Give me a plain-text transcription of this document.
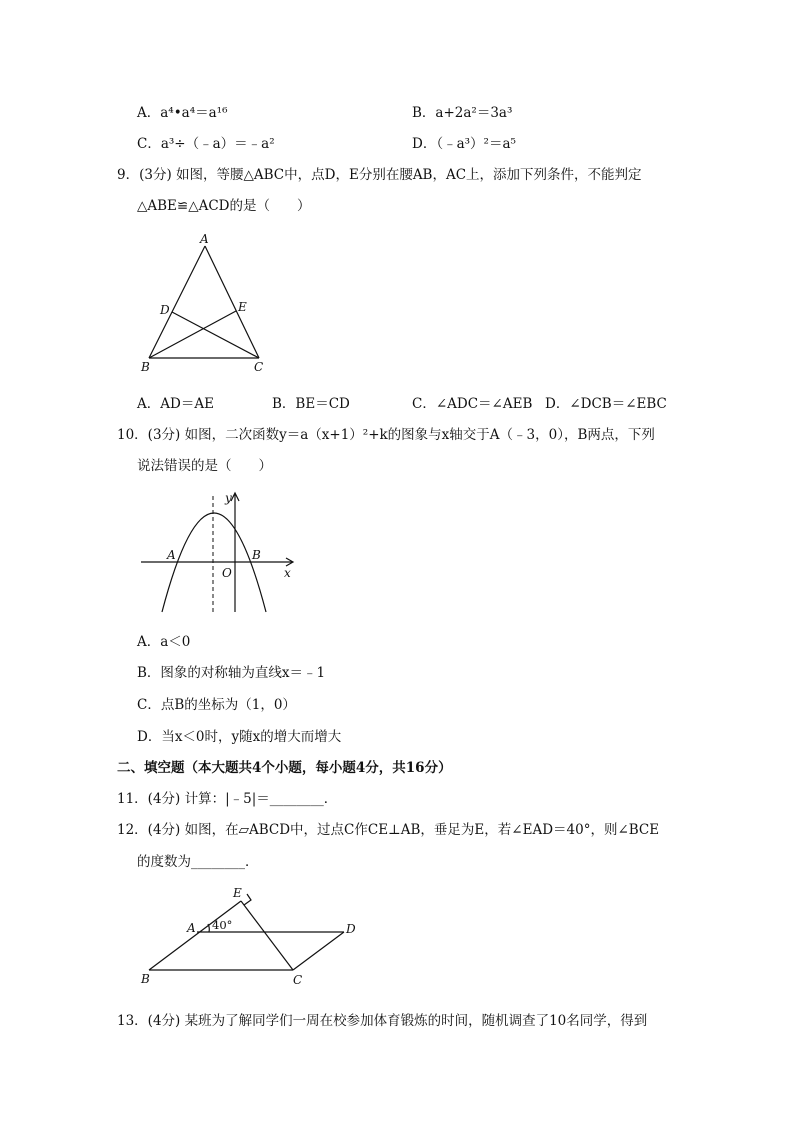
A．a⁴•a⁴＝a¹⁶	B．a+2a²＝3a³
C．a³÷（﹣a）＝﹣a²	D．（﹣a³）²＝a⁵
9．(3分) 如图，等腰△ABC中，点D，E分别在腰AB，AC上，添加下列条件，不能判定
△ABE≌△ACD的是（　　）
A
D	E
B	C
A．AD＝AE	B．BE＝CD	C．∠ADC＝∠AEB D．∠DCB＝∠EBC
10．(3分) 如图，二次函数y＝a（x+1）²+k的图象与x轴交于A（﹣3，0），B两点，下列
说法错误的是（　　）
A	B
O	x
y
A．a＜0
B．图象的对称轴为直线x＝﹣1
C．点B的坐标为（1，0）
D．当x＜0时，y随x的增大而增大
二、填空题（本大题共4个小题，每小题4分，共16分）
11．(4分) 计算：|﹣5|＝________．
12．(4分) 如图，在▱ABCD中，过点C作CE⊥AB，垂足为E，若∠EAD＝40°，则∠BCE
的度数为________．
E
A 40°	D
B	C
13．(4分) 某班为了解同学们一周在校参加体育锻炼的时间，随机调查了10名同学，得到
